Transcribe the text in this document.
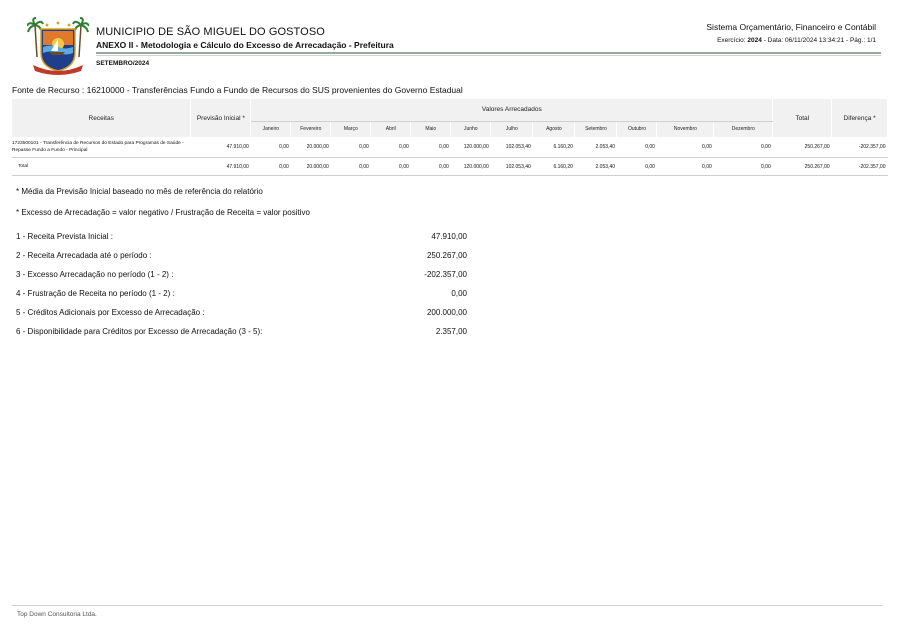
MUNICIPIO DE SÃO MIGUEL DO GOSTOSO
ANEXO II - Metodologia e Cálculo do Excesso de Arrecadação - Prefeitura
SETEMBRO/2024
Sistema Orçamentário, Financeiro e Contábil
Exercício: 2024 - Data: 06/11/2024 13:34:21 - Pág.: 1/1
Fonte de Recurso : 16210000 - Transferências Fundo a Fundo de Recursos do SUS provenientes do Governo Estadual
Receitas	Previsão Inicial *	Valores Arrecadados												Total	Diferença *
		Janeiro	Fevereiro	Março	Abril	Maio	Junho	Julho	Agosto	Setembro	Outubro	Novembro	Dezembro		
1723500101 - Transferência de Recursos do Estado para Programas de Saúde - Repasse Fundo a Fundo - Principal	47.910,00	0,00	20.000,00	0,00	0,00	0,00	120.000,00	102.053,40	6.160,20	2.053,40	0,00	0,00	0,00	250.267,00	-202.357,00
Total	47.910,00	0,00	20.000,00	0,00	0,00	0,00	120.000,00	102.053,40	6.160,20	2.053,40	0,00	0,00	0,00	250.267,00	-202.357,00
* Média da Previsão Inicial baseado no mês de referência do relatório
* Excesso de Arrecadação = valor negativo / Frustração de Receita = valor positivo
1 - Receita Prevista Inicial :	47.910,00
2 - Receita Arrecadada até o período :	250.267,00
3 - Excesso Arrecadação no período (1 - 2) :	-202.357,00
4 - Frustração de Receita no período (1 - 2) :	0,00
5 - Créditos Adicionais por Excesso de Arrecadação :	200.000,00
6 - Disponibilidade para Créditos por Excesso de Arrecadação (3 - 5):	2.357,00
Top Down Consultoria Ltda.
